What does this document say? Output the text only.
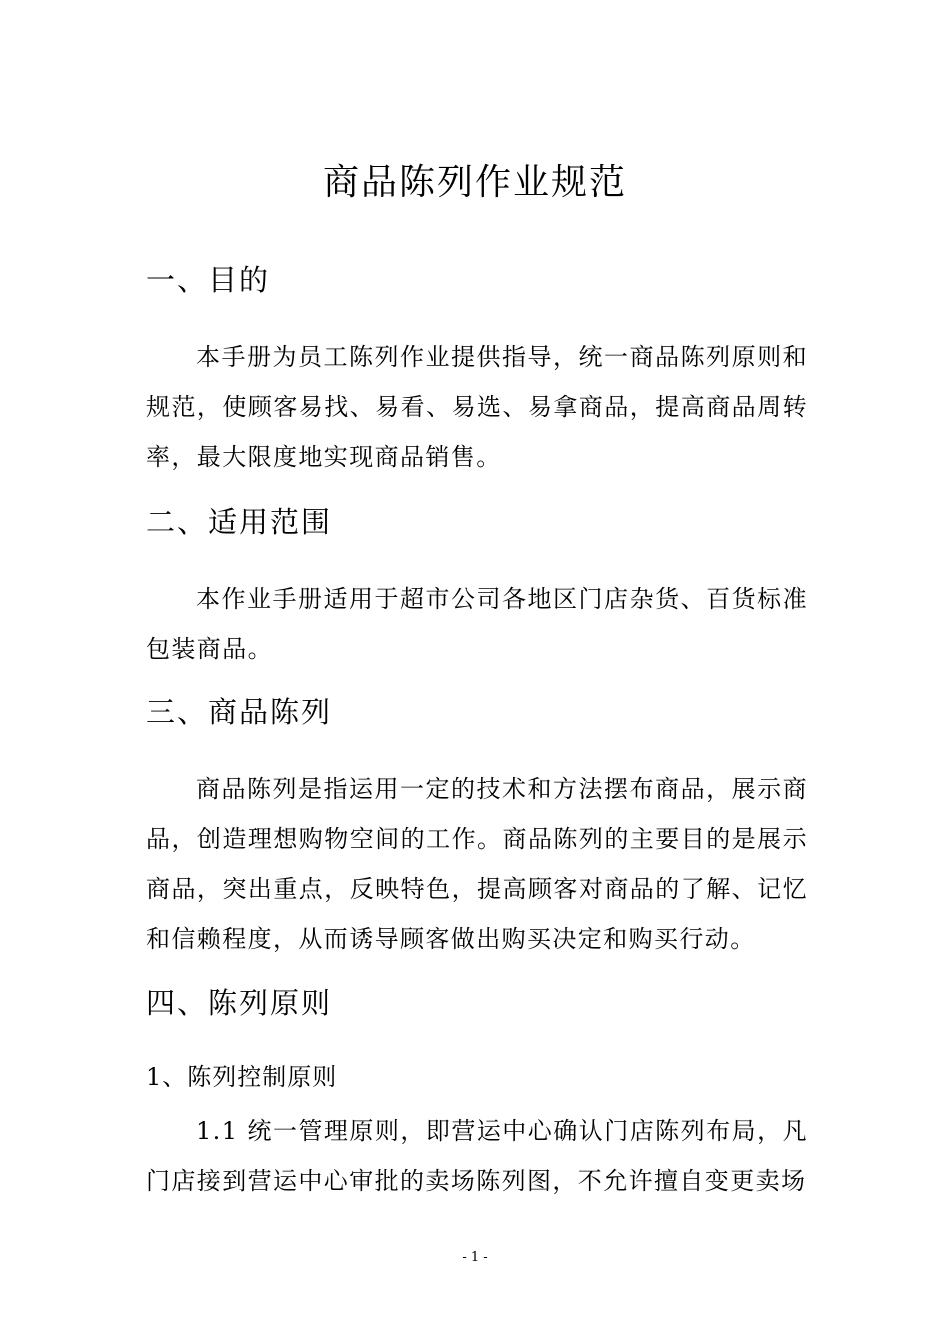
商品陈列作业规范
一、目的
本手册为员工陈列作业提供指导，统一商品陈列原则和规范，使顾客易找、易看、易选、易拿商品，提高商品周转率，最大限度地实现商品销售。
二、适用范围
本作业手册适用于超市公司各地区门店杂货、百货标准包装商品。
三、商品陈列
商品陈列是指运用一定的技术和方法摆布商品，展示商品，创造理想购物空间的工作。商品陈列的主要目的是展示商品，突出重点，反映特色，提高顾客对商品的了解、记忆和信赖程度，从而诱导顾客做出购买决定和购买行动。
四、陈列原则
1、陈列控制原则
1.1 统一管理原则，即营运中心确认门店陈列布局，凡门店接到营运中心审批的卖场陈列图，不允许擅自变更卖场
- 1 -
